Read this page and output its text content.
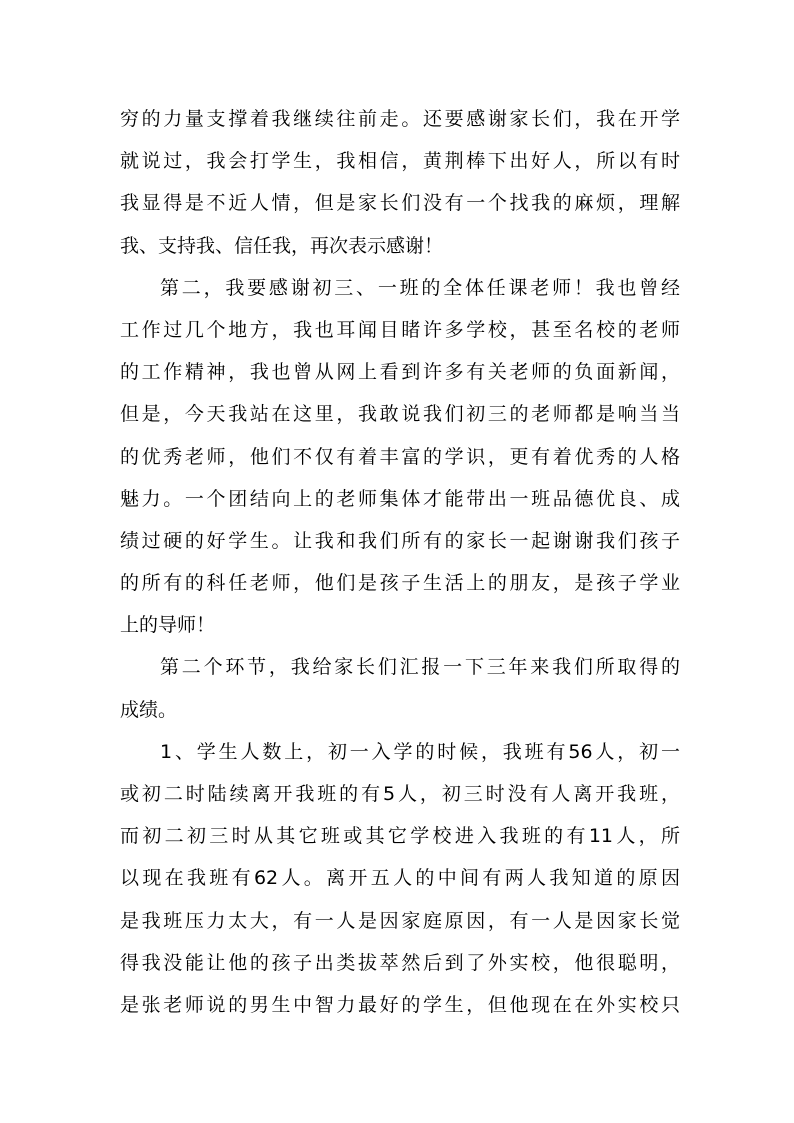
穷的力量支撑着我继续往前走。还要感谢家长们，我在开学
就说过，我会打学生，我相信，黄荆棒下出好人，所以有时
我显得是不近人情，但是家长们没有一个找我的麻烦，理解
我、支持我、信任我，再次表示感谢！
第二，我要感谢初三、一班的全体任课老师！我也曾经
工作过几个地方，我也耳闻目睹许多学校，甚至名校的老师
的工作精神，我也曾从网上看到许多有关老师的负面新闻，
但是，今天我站在这里，我敢说我们初三的老师都是响当当
的优秀老师，他们不仅有着丰富的学识，更有着优秀的人格
魅力。一个团结向上的老师集体才能带出一班品德优良、成
绩过硬的好学生。让我和我们所有的家长一起谢谢我们孩子
的所有的科任老师，他们是孩子生活上的朋友，是孩子学业
上的导师！
第二个环节，我给家长们汇报一下三年来我们所取得的
成绩。
1、学生人数上，初一入学的时候，我班有56人，初一
或初二时陆续离开我班的有5人，初三时没有人离开我班，
而初二初三时从其它班或其它学校进入我班的有11人，所
以现在我班有62人。离开五人的中间有两人我知道的原因
是我班压力太大，有一人是因家庭原因，有一人是因家长觉
得我没能让他的孩子出类拔萃然后到了外实校，他很聪明，
是张老师说的男生中智力最好的学生，但他现在在外实校只
